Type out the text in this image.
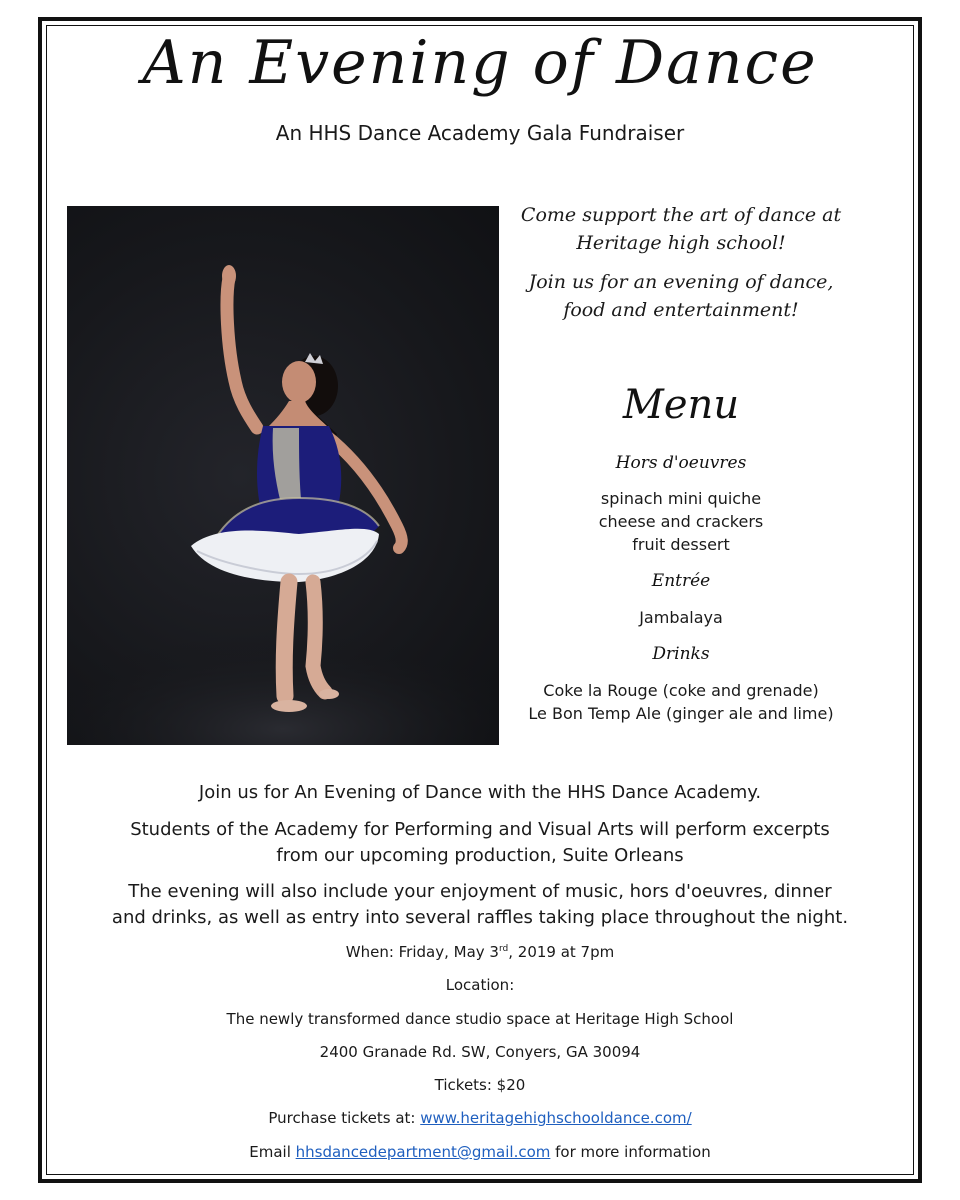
An Evening of Dance
An HHS Dance Academy Gala Fundraiser
Come support the art of dance at
Heritage high school!
Join us for an evening of dance,
food and entertainment!
Menu
Hors d'oeuvres
spinach mini quiche
cheese and crackers
fruit dessert
Entrée
Jambalaya
Drinks
Coke la Rouge (coke and grenade)
Le Bon Temp Ale (ginger ale and lime)

Join us for An Evening of Dance with the HHS Dance Academy.

Students of the Academy for Performing and Visual Arts will perform excerpts
from our upcoming production, Suite Orleans

The evening will also include your enjoyment of music, hors d'oeuvres, dinner
and drinks, as well as entry into several raffles taking place throughout the night.

When: Friday, May 3rd, 2019 at 7pm
Location:
The newly transformed dance studio space at Heritage High School
2400 Granade Rd. SW, Conyers, GA 30094
Tickets: $20
Purchase tickets at: www.heritagehighschooldance.com/
Email hhsdancedepartment@gmail.com for more information
